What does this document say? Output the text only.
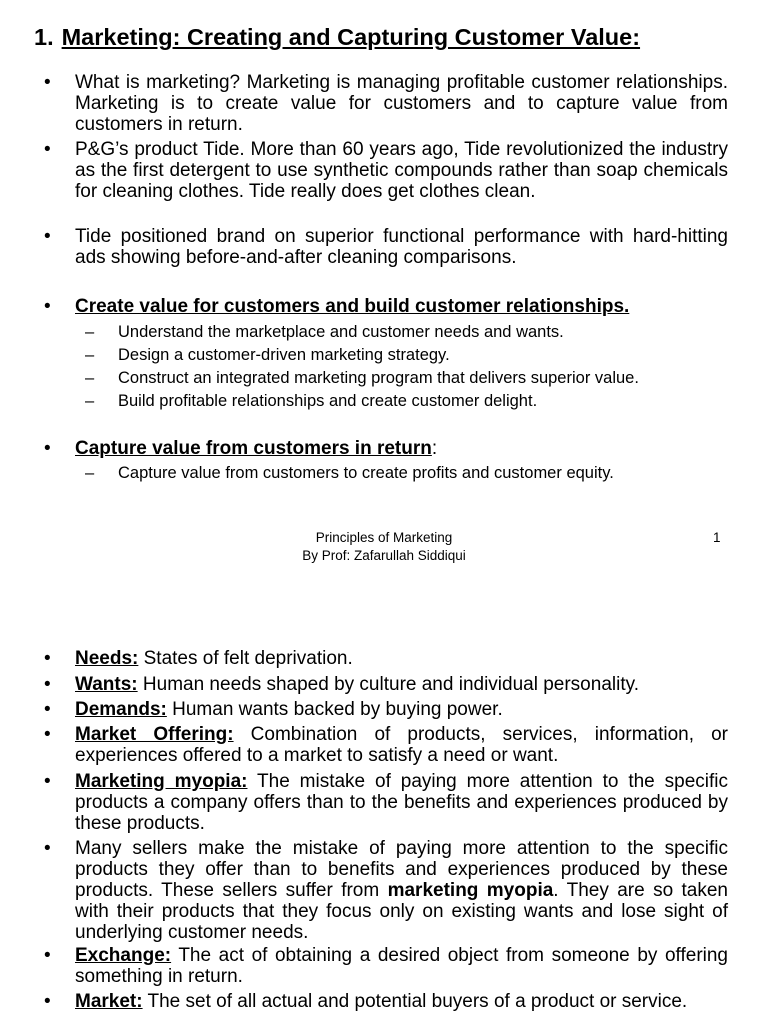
1. Marketing: Creating and Capturing Customer Value:
• What is marketing? Marketing is managing profitable customer relationships. Marketing is to create value for customers and to capture value from customers in return.
• P&G’s product Tide. More than 60 years ago, Tide revolutionized the industry as the first detergent to use synthetic compounds rather than soap chemicals for cleaning clothes. Tide really does get clothes clean.
• Tide positioned brand on superior functional performance with hard-hitting ads showing before-and-after cleaning comparisons.
• Create value for customers and build customer relationships.
– Understand the marketplace and customer needs and wants.
– Design a customer-driven marketing strategy.
– Construct an integrated marketing program that delivers superior value.
– Build profitable relationships and create customer delight.
• Capture value from customers in return:
– Capture value from customers to create profits and customer equity.
Principles of Marketing	1
By Prof: Zafarullah Siddiqui
• Needs: States of felt deprivation.
• Wants: Human needs shaped by culture and individual personality.
• Demands: Human wants backed by buying power.
• Market Offering: Combination of products, services, information, or experiences offered to a market to satisfy a need or want.
• Marketing myopia: The mistake of paying more attention to the specific products a company offers than to the benefits and experiences produced by these products.
• Many sellers make the mistake of paying more attention to the specific products they offer than to benefits and experiences produced by these products. These sellers suffer from marketing myopia. They are so taken with their products that they focus only on existing wants and lose sight of underlying customer needs.
• Exchange: The act of obtaining a desired object from someone by offering something in return.
• Market: The set of all actual and potential buyers of a product or service.
